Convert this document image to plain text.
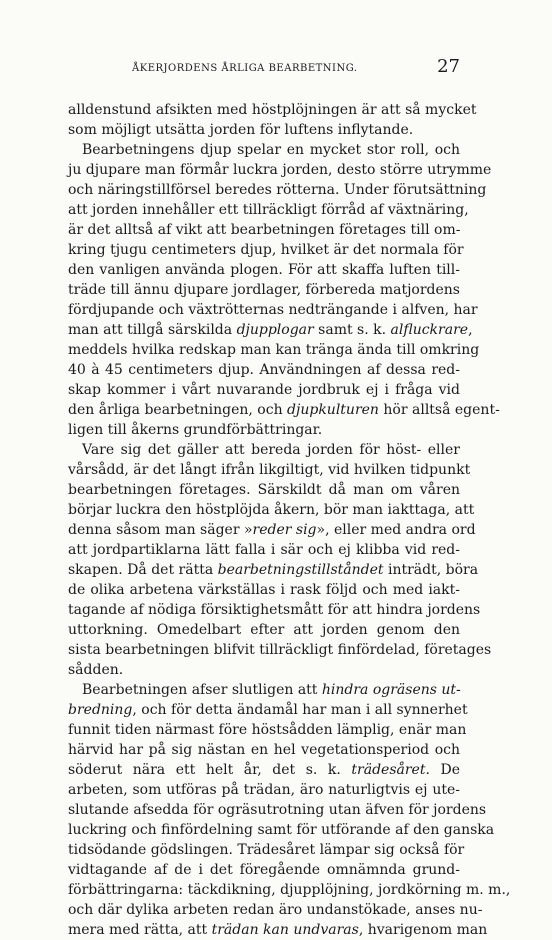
ÅKERJORDENS ÅRLIGA BEARBETNING.	27
alldenstund afsikten med höstplöjningen är att så mycket
som möjligt utsätta jorden för luftens inflytande.
Bearbetningens djup spelar en mycket stor roll, och
ju djupare man förmår luckra jorden, desto större utrymme
och näringstillförsel beredes rötterna. Under förutsättning
att jorden innehåller ett tillräckligt förråd af växtnäring,
är det alltså af vikt att bearbetningen företages till om-
kring tjugu centimeters djup, hvilket är det normala för
den vanligen använda plogen. För att skaffa luften till-
träde till ännu djupare jordlager, förbereda matjordens
fördjupande och växtrötternas nedträngande i alfven, har
man att tillgå särskilda djupplogar samt s. k. alfluckrare,
meddels hvilka redskap man kan tränga ända till omkring
40 à 45 centimeters djup. Användningen af dessa red-
skap kommer i vårt nuvarande jordbruk ej i fråga vid
den årliga bearbetningen, och djupkulturen hör alltså egent-
ligen till åkerns grundförbättringar.
Vare sig det gäller att bereda jorden för höst- eller
vårsådd, är det långt ifrån likgiltigt, vid hvilken tidpunkt
bearbetningen företages. Särskildt då man om våren
börjar luckra den höstplöjda åkern, bör man iakttaga, att
denna såsom man säger »reder sig», eller med andra ord
att jordpartiklarna lätt falla i sär och ej klibba vid red-
skapen. Då det rätta bearbetningstillståndet inträdt, böra
de olika arbetena värkställas i rask följd och med iakt-
tagande af nödiga försiktighetsmått för att hindra jordens
uttorkning. Omedelbart efter att jorden genom den
sista bearbetningen blifvit tillräckligt finfördelad, företages
sådden.
Bearbetningen afser slutligen att hindra ogräsens ut-
bredning, och för detta ändamål har man i all synnerhet
funnit tiden närmast före höstsådden lämplig, enär man
härvid har på sig nästan en hel vegetationsperiod och
söderut nära ett helt år, det s. k. trädesåret. De
arbeten, som utföras på trädan, äro naturligtvis ej ute-
slutande afsedda för ogräsutrotning utan äfven för jordens
luckring och finfördelning samt för utförande af den ganska
tidsödande gödslingen. Trädesåret lämpar sig också för
vidtagande af de i det föregående omnämnda grund-
förbättringarna: täckdikning, djupplöjning, jordkörning m. m.,
och där dylika arbeten redan äro undanstökade, anses nu-
mera med rätta, att trädan kan undvaras, hvarigenom man
